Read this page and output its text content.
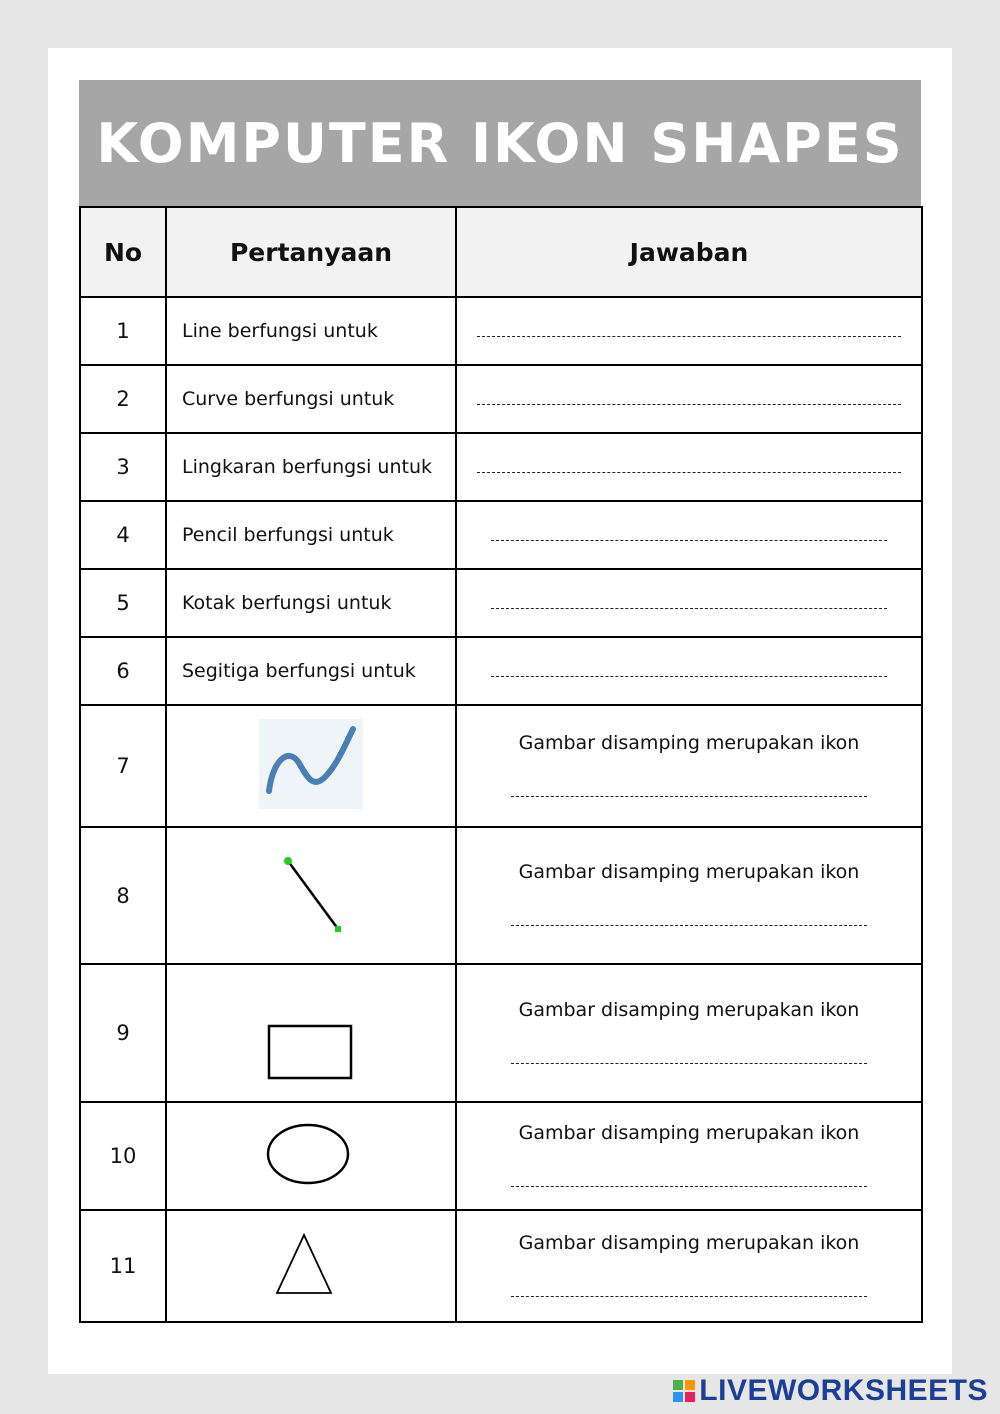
KOMPUTER IKON SHAPES
No	Pertanyaan	Jawaban
1	Line berfungsi untuk	
2	Curve berfungsi untuk	
3	Lingkaran berfungsi untuk	
4	Pencil berfungsi untuk	
5	Kotak berfungsi untuk	
6	Segitiga berfungsi untuk	
7		Gambar disamping merupakan ikon

8		Gambar disamping merupakan ikon

9		Gambar disamping merupakan ikon

10		Gambar disamping merupakan ikon

11		Gambar disamping merupakan ikon
LIVEWORKSHEETS
